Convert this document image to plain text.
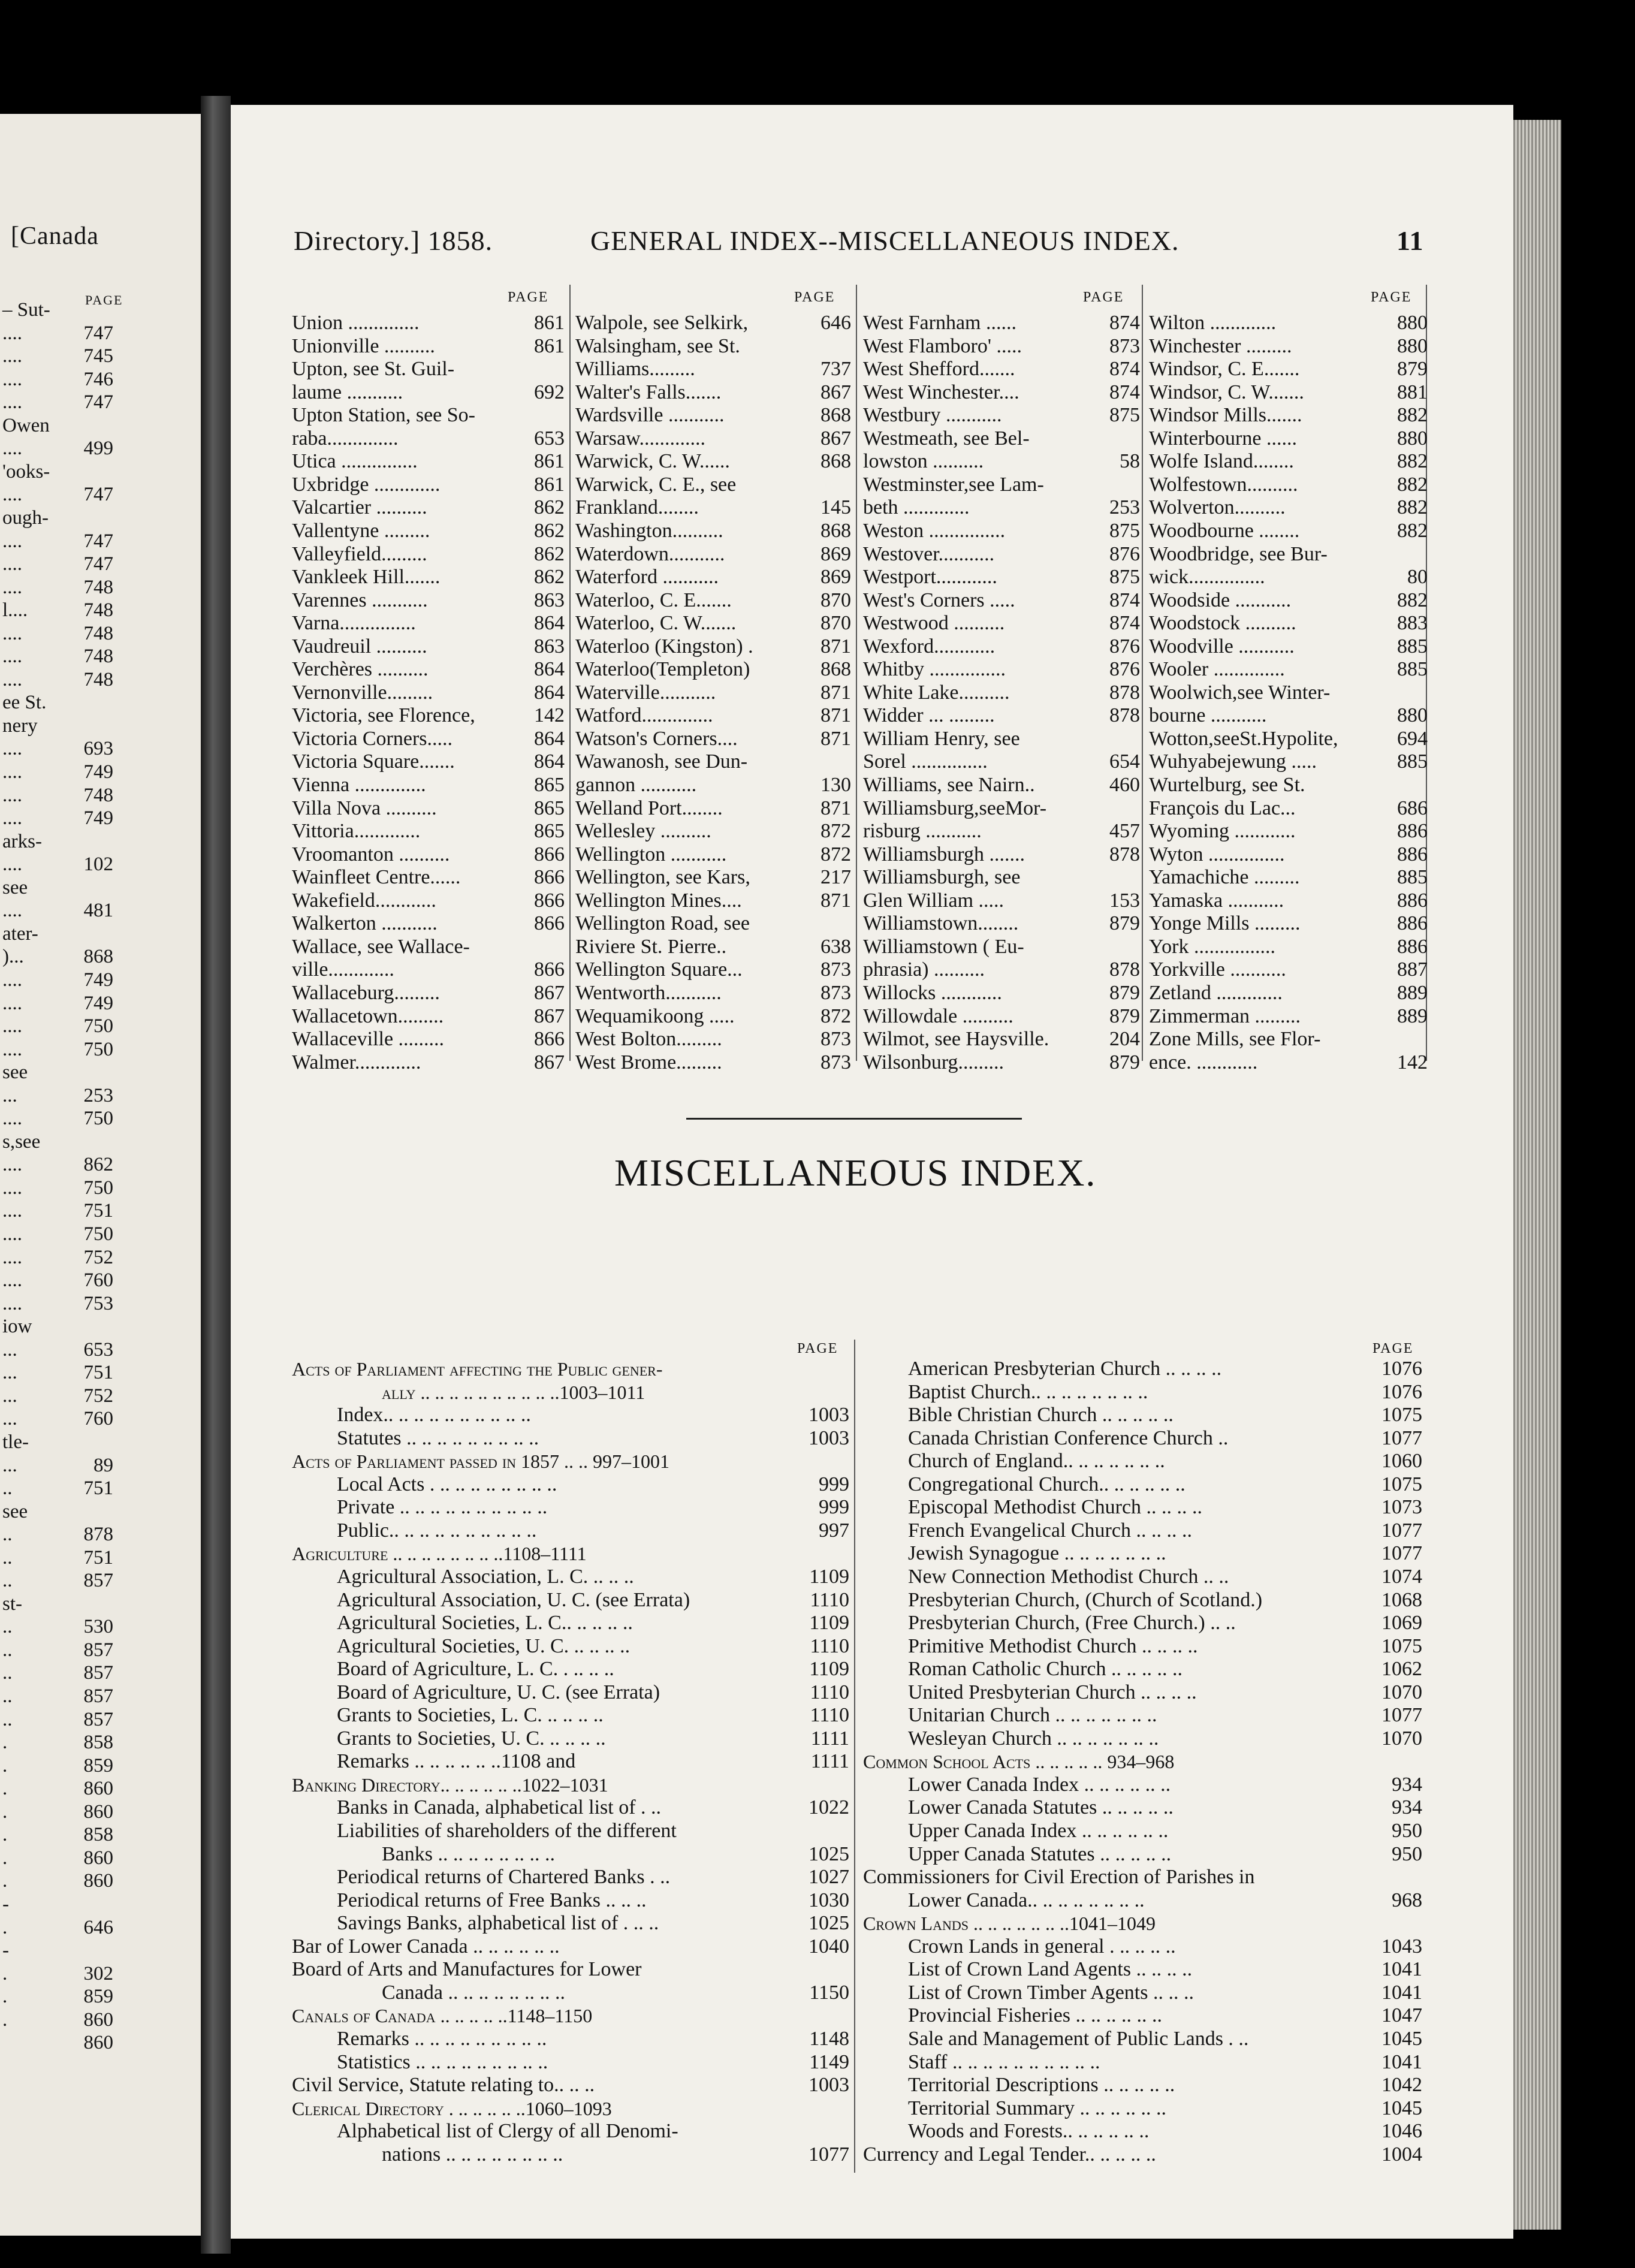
[Canada
PAGE
– Sut-
....	747
....	745
....	746
....	747
Owen
....	499
'ooks-
....	747
ough-
....	747
....	747
....	748
l....	748
....	748
....	748
....	748
ee St.
nery
....	693
....	749
....	748
....	749
arks-
....	102
see
....	481
ater-
)...	868
....	749
....	749
....	750
....	750
see
...	253
....	750
s,see
....	862
....	750
....	751
....	750
....	752
....	760
....	753
iow
...	653
...	751
...	752
...	760
tle-
...	89
..	751
see
..	878
..	751
..	857
st-
..	530
..	857
..	857
..	857
..	857
.	858
.	859
.	860
.	860
.	858
.	860
.	860
-
.	646
-
.	302
.	859
.	860
860
Directory.] 1858.	GENERAL INDEX--MISCELLANEOUS INDEX.	11
PAGE
Union ..............	861
Unionville ..........	861
Upton, see St. Guil-
laume ...........	692
Upton Station, see So-
raba..............	653
Utica ...............	861
Uxbridge .............	861
Valcartier ..........	862
Vallentyne .........	862
Valleyfield.........	862
Vankleek Hill.......	862
Varennes ...........	863
Varna...............	864
Vaudreuil ..........	863
Verchères ..........	864
Vernonville.........	864
Victoria, see Florence,	142
Victoria Corners.....	864
Victoria Square.......	864
Vienna ..............	865
Villa Nova ..........	865
Vittoria.............	865
Vroomanton ..........	866
Wainfleet Centre......	866
Wakefield............	866
Walkerton ...........	866
Wallace, see Wallace-
ville.............	866
Wallaceburg.........	867
Wallacetown.........	867
Wallaceville .........	866
Walmer.............	867
PAGE
Walpole, see Selkirk,	646
Walsingham, see St.
Williams.........	737
Walter's Falls.......	867
Wardsville ...........	868
Warsaw.............	867
Warwick, C. W......	868
Warwick, C. E., see
Frankland........	145
Washington..........	868
Waterdown...........	869
Waterford ...........	869
Waterloo, C. E.......	870
Waterloo, C. W.......	870
Waterloo (Kingston) .	871
Waterloo(Templeton)	868
Waterville...........	871
Watford..............	871
Watson's Corners....	871
Wawanosh, see Dun-
gannon ...........	130
Welland Port........	871
Wellesley ..........	872
Wellington ...........	872
Wellington, see Kars,	217
Wellington Mines....	871
Wellington Road, see
Riviere St. Pierre..	638
Wellington Square...	873
Wentworth...........	873
Wequamikoong .....	872
West Bolton.........	873
West Brome.........	873
PAGE
West Farnham ......	874
West Flamboro' .....	873
West Shefford.......	874
West Winchester....	874
Westbury ...........	875
Westmeath, see Bel-
lowston ..........	58
Westminster,see Lam-
beth .............	253
Weston ...............	875
Westover...........	876
Westport............	875
West's Corners .....	874
Westwood ..........	874
Wexford............	876
Whitby ...............	876
White Lake..........	878
Widder ... .........	878
William Henry, see
Sorel ...............	654
Williams, see Nairn..	460
Williamsburg,seeMor-
risburg ...........	457
Williamsburgh .......	878
Williamsburgh, see
Glen William .....	153
Williamstown........	879
Williamstown ( Eu-
phrasia) ..........	878
Willocks ............	879
Willowdale ..........	879
Wilmot, see Haysville.	204
Wilsonburg.........	879
PAGE
Wilton .............	880
Winchester .........	880
Windsor, C. E.......	879
Windsor, C. W.......	881
Windsor Mills.......	882
Winterbourne ......	880
Wolfe Island........	882
Wolfestown..........	882
Wolverton..........	882
Woodbourne ........	882
Woodbridge, see Bur-
wick...............	80
Woodside ...........	882
Woodstock ..........	883
Woodville ...........	885
Wooler ..............	885
Woolwich,see Winter-
bourne ...........	880
Wotton,seeSt.Hypolite,	694
Wuhyabejewung .....	885
Wurtelburg, see St.
François du Lac...	686
Wyoming ............	886
Wyton ...............	886
Yamachiche .........	885
Yamaska ...........	886
Yonge Mills .........	886
York ................	886
Yorkville ...........	887
Zetland .............	889
Zimmerman .........	889
Zone Mills, see Flor-
ence. ............	142
MISCELLANEOUS INDEX.
PAGE	PAGE
Acts of Parliament affecting the Public gener-
ally .. .. .. .. .. .. .. .. .. ..1003–1011
Index.. .. .. .. .. .. .. .. .. ..	1003
Statutes .. .. .. .. .. .. .. .. ..	1003
Acts of Parliament passed in 1857 .. .. 997–1001
Local Acts . .. .. .. .. .. .. .. ..	999
Private .. .. .. .. .. .. .. .. .. ..	999
Public.. .. .. .. .. .. .. .. .. ..	997
Agriculture .. .. .. .. .. .. .. ..1108–1111
Agricultural Association, L. C. .. .. ..	1109
Agricultural Association, U. C. (see Errata)	1110
Agricultural Societies, L. C.. .. .. .. ..	1109
Agricultural Societies, U. C. .. .. .. ..	1110
Board of Agriculture, L. C. . .. .. ..	1109
Board of Agriculture, U. C. (see Errata)	1110
Grants to Societies, L. C. .. .. .. ..	1110
Grants to Societies, U. C. .. .. .. ..	1111
Remarks .. .. .. .. .. ..1108 and	1111
Banking Directory.. .. .. .. .. ..1022–1031
Banks in Canada, alphabetical list of . ..	1022
Liabilities of shareholders of the different
Banks .. .. .. .. .. .. .. ..	1025
Periodical returns of Chartered Banks . ..	1027
Periodical returns of Free Banks .. .. ..	1030
Savings Banks, alphabetical list of . .. ..	1025
Bar of Lower Canada .. .. .. .. .. ..	1040
Board of Arts and Manufactures for Lower
Canada .. .. .. .. .. .. .. ..	1150
Canals of Canada .. .. .. .. ..1148–1150
Remarks .. .. .. .. .. .. .. .. ..	1148
Statistics .. .. .. .. .. .. .. .. ..	1149
Civil Service, Statute relating to.. .. ..	1003
Clerical Directory . .. .. .. .. ..1060–1093
Alphabetical list of Clergy of all Denomi-
nations .. .. .. .. .. .. .. ..	1077
American Presbyterian Church .. .. .. ..	1076
Baptist Church.. .. .. .. .. .. .. ..	1076
Bible Christian Church .. .. .. .. ..	1075
Canada Christian Conference Church ..	1077
Church of England.. .. .. .. .. .. ..	1060
Congregational Church.. .. .. .. .. ..	1075
Episcopal Methodist Church .. .. .. ..	1073
French Evangelical Church .. .. .. ..	1077
Jewish Synagogue .. .. .. .. .. .. ..	1077
New Connection Methodist Church .. ..	1074
Presbyterian Church, (Church of Scotland.)	1068
Presbyterian Church, (Free Church.) .. ..	1069
Primitive Methodist Church .. .. .. ..	1075
Roman Catholic Church .. .. .. .. ..	1062
United Presbyterian Church .. .. .. ..	1070
Unitarian Church .. .. .. .. .. .. ..	1077
Wesleyan Church .. .. .. .. .. .. ..	1070
Common School Acts .. .. .. .. .. 934–968
Lower Canada Index .. .. .. .. .. ..	934
Lower Canada Statutes .. .. .. .. ..	934
Upper Canada Index .. .. .. .. .. ..	950
Upper Canada Statutes .. .. .. .. ..	950
Commissioners for Civil Erection of Parishes in
Lower Canada.. .. .. .. .. .. .. ..	968
Crown Lands .. .. .. .. .. .. ..1041–1049
Crown Lands in general . .. .. .. ..	1043
List of Crown Land Agents .. .. .. ..	1041
List of Crown Timber Agents .. .. ..	1041
Provincial Fisheries .. .. .. .. .. ..	1047
Sale and Management of Public Lands . ..	1045
Staff .. .. .. .. .. .. .. .. .. ..	1041
Territorial Descriptions .. .. .. .. ..	1042
Territorial Summary .. .. .. .. .. ..	1045
Woods and Forests.. .. .. .. .. ..	1046
Currency and Legal Tender.. .. .. .. ..	1004
